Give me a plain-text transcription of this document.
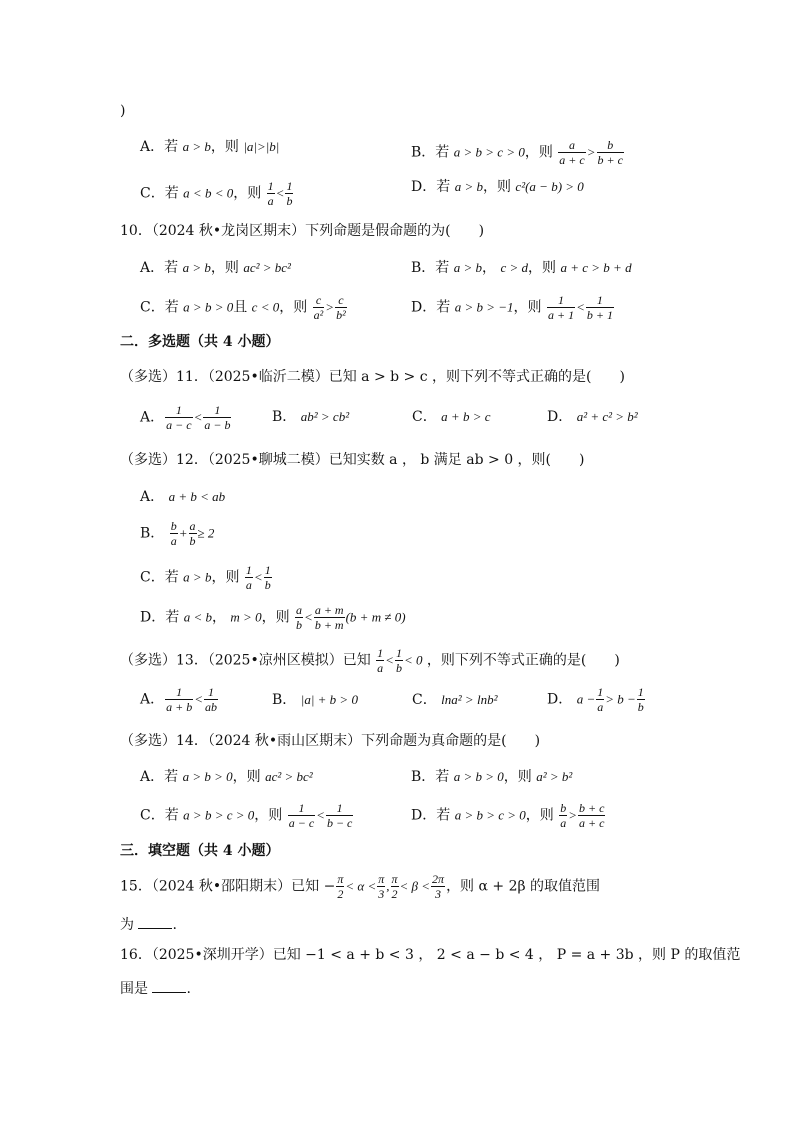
)
A．若 a > b，则 |a|>|b|	B．若 a > b > c > 0，则 $\frac{a}{a + c} > \frac{b}{b + c}$
C．若 a < b < 0，则 $\frac{1}{a} < \frac{1}{b}$	D．若 a > b，则 c²(a − b) > 0
10．（2024 秋•龙岗区期末）下列命题是假命题的为(　　)
A．若 a > b，则 ac² > bc²	B．若 a > b， c > d，则 a + c > b + d
C．若 a > b > 0且 c < 0，则 $\frac{c}{\text{a²}} > \frac{c}{\text{b²}}$	D．若 a > b > −1，则 $\frac{1}{a + 1} < \frac{1}{b + 1}$
二．多选题（共 4 小题）
（多选）11．（2025•临沂二模）已知 a > b > c ，则下列不等式正确的是(　　)
A． $\frac{1}{a - c} < \frac{1}{a - b}$	B． ab² > cb²	C． a + b > c	D． a² + c² > b²
（多选）12．（2025•聊城二模）已知实数 a ， b 满足 ab > 0 ，则(　　)
A． a + b < ab
B． $\frac{b}{a} + \frac{a}{b} \ge 2$
C．若 a > b，则 $\frac{1}{a} < \frac{1}{b}$
D．若 a < b， m > 0，则 $\frac{a}{b} < \frac{a + m}{b + m} (b + m \ne 0)$
（多选）13．（2025•凉州区模拟）已知 $\frac{1}{a} < \frac{1}{b} < 0$ ，则下列不等式正确的是(　　)
A． $\frac{1}{a + b} < \frac{1}{ab}$	B． |a| + b > 0	C． lna² > lnb²	D． $a - \frac{1}{a} > b - \frac{1}{b}$
（多选）14．（2024 秋•雨山区期末）下列命题为真命题的是(　　)
A．若 a > b > 0，则 ac² > bc²	B．若 a > b > 0，则 a² > b²
C．若 a > b > c > 0，则 $\frac{1}{a - c} < \frac{1}{b - c}$	D．若 a > b > c > 0，则 $\frac{b}{a} > \frac{b + c}{a + c}$
三．填空题（共 4 小题）
15．（2024 秋•邵阳期末）已知 − $\frac{\pi}{2} < \alpha < \frac{\pi}{3}$ , $\frac{\pi}{2} < \beta < \frac{2\pi}{3}$ ，则 α + 2β 的取值范围
为 .
16．（2025•深圳开学）已知 −1 < a + b < 3 ， 2 < a − b < 4 ， P = a + 3b ，则 P 的取值范
围是 .
